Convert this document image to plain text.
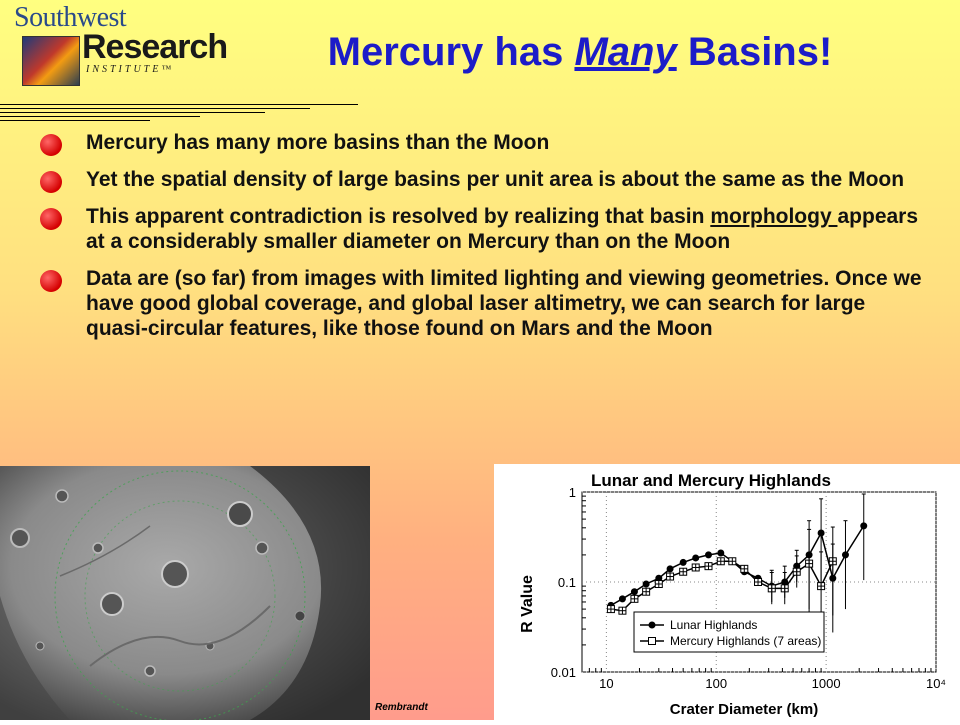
Southwest
Research
INSTITUTE™	Mercury has Many Basins!
Mercury has many more basins than the Moon
Yet the spatial density of large basins per unit area is about the same as the Moon
This apparent contradiction is resolved by realizing that basin morphology appears at a considerably smaller diameter on Mercury than on the Moon
Data are (so far) from images with limited lighting and viewing geometries. Once we have good global coverage, and global laser altimetry, we can search for large quasi-circular features, like those found on Mars and the Moon
Rembrandt
Lunar and Mercury Highlands
10	100	1000	10⁴
1
0.1
0.01
Lunar Highlands
Mercury Highlands (7 areas)
Crater Diameter (km)
R Value
